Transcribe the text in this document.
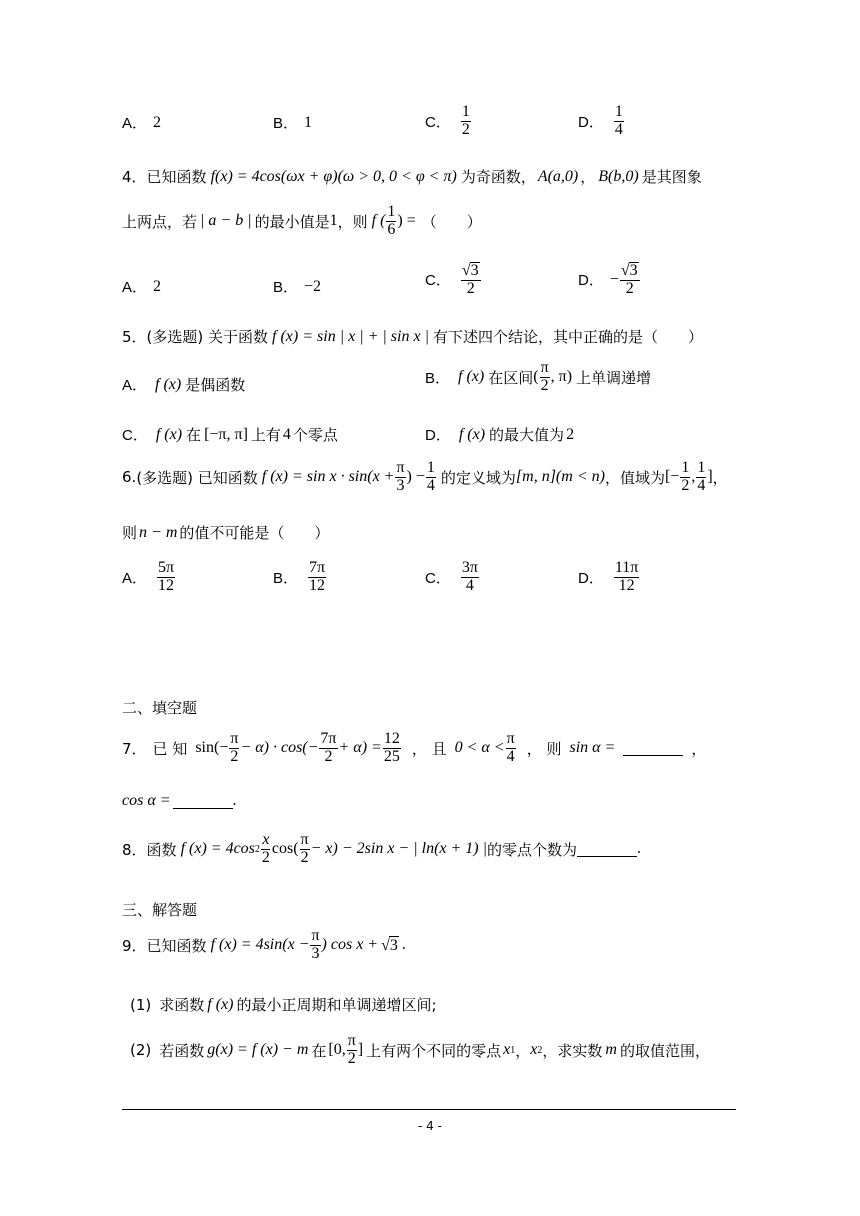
A． 2	B． 1	C． $\frac{1}{2}$	D． $\frac{1}{4}$
4． 已知函数 f(x) = 4cos(ωx + φ)(ω > 0, 0 < φ < π) 为奇函数， A(a,0) ， B(b,0) 是其图象
上两点，若 | a − b | 的最小值是 1 ，则 f ( $\frac{1}{6}$ ) = （　　）
A． 2	B． −2	C． $\frac{√3}{2}$	D． − $\frac{√3}{2}$
5． (多选题) 关于函数 f (x) = sin | x | + | sin x | 有下述四个结论，其中正确的是（　　）
A． f (x) 是偶函数	B． f (x) 在区间 ( $\frac{\pi}{2}$ , π) 上单调递增
C． f (x) 在 [−π, π] 上有 4 个零点	D． f (x) 的最大值为 2
6. (多选题) 已知函数 f $(x) = \sin x \cdot \sin(x + \frac{\pi}{3}$ ) − $\frac{1}{4}$ 的定义域为 [m, n](m < n) ，值域为 [− $\frac{1}{2}$ , $\frac{1}{4}$ ] ，
则 n − m 的值不可能是（　　）
A． $\frac{5\pi}{12}$	B． $\frac{7\pi}{12}$	C． $\frac{3\pi}{4}$	D． $\frac{11\pi}{12}$
二、填空题
7． 已 知 $\sin(- \frac{\pi}{2} - \alpha) \cdot \cos(- \frac{7\pi}{2} + \alpha) = \frac{12}{25}$ ， 且 $0 < \alpha < \frac{\pi}{4}$ ， 则 sin α =	，
cos α =	.
8． 函数 f (x) = 4cos $2 \frac{x}{2} \cos( \frac{\pi}{2} - x) - 2\sin$ x − | ln(x + 1) | 的零点个数为	.
三、解答题
9． 已知函数 f $(x) = 4\sin(x - \frac{\pi}{3}$ ) cos x + √3 .
(1) 求函数 f (x) 的最小正周期和单调递增区间;
(2) 若函数 g(x) = f (x) − m 在 [0, $\frac{\pi}{2}$ ] 上有两个不同的零点 x 1 ， x 2 ，求实数 m 的取值范围，
- 4 -
